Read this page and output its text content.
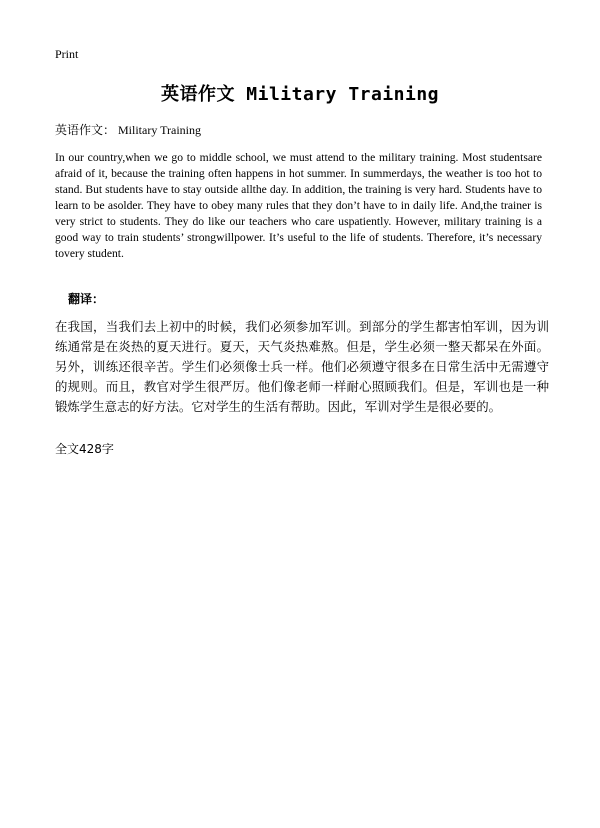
Print
英语作文 Military Training
英语作文： Military Training

In our country,when we go to middle school, we must attend to the military training. Most studentsare afraid of it, because the training often happens in hot summer. In summerdays, the weather is too hot to stand. But students have to stay outside allthe day. In addition, the training is very hard. Students have to learn to be asolder. They have to obey many rules that they don’t have to in daily life. And,the trainer is very strict to students. They do like our teachers who care uspatiently. However, military training is a good way to train students’ strongwillpower. It’s useful to the life of students. Therefore, it’s necessary tovery student.

翻译：

在我国，当我们去上初中的时候，我们必须参加军训。到部分的学生都害怕军训，因为训练通常是在炎热的夏天进行。夏天，天气炎热难熬。但是，学生必须一整天都呆在外面。另外，训练还很辛苦。学生们必须像士兵一样。他们必须遵守很多在日常生活中无需遵守的规则。而且，教官对学生很严厉。他们像老师一样耐心照顾我们。但是，军训也是一种锻炼学生意志的好方法。它对学生的生活有帮助。因此，军训对学生是很必要的。

全文428字
